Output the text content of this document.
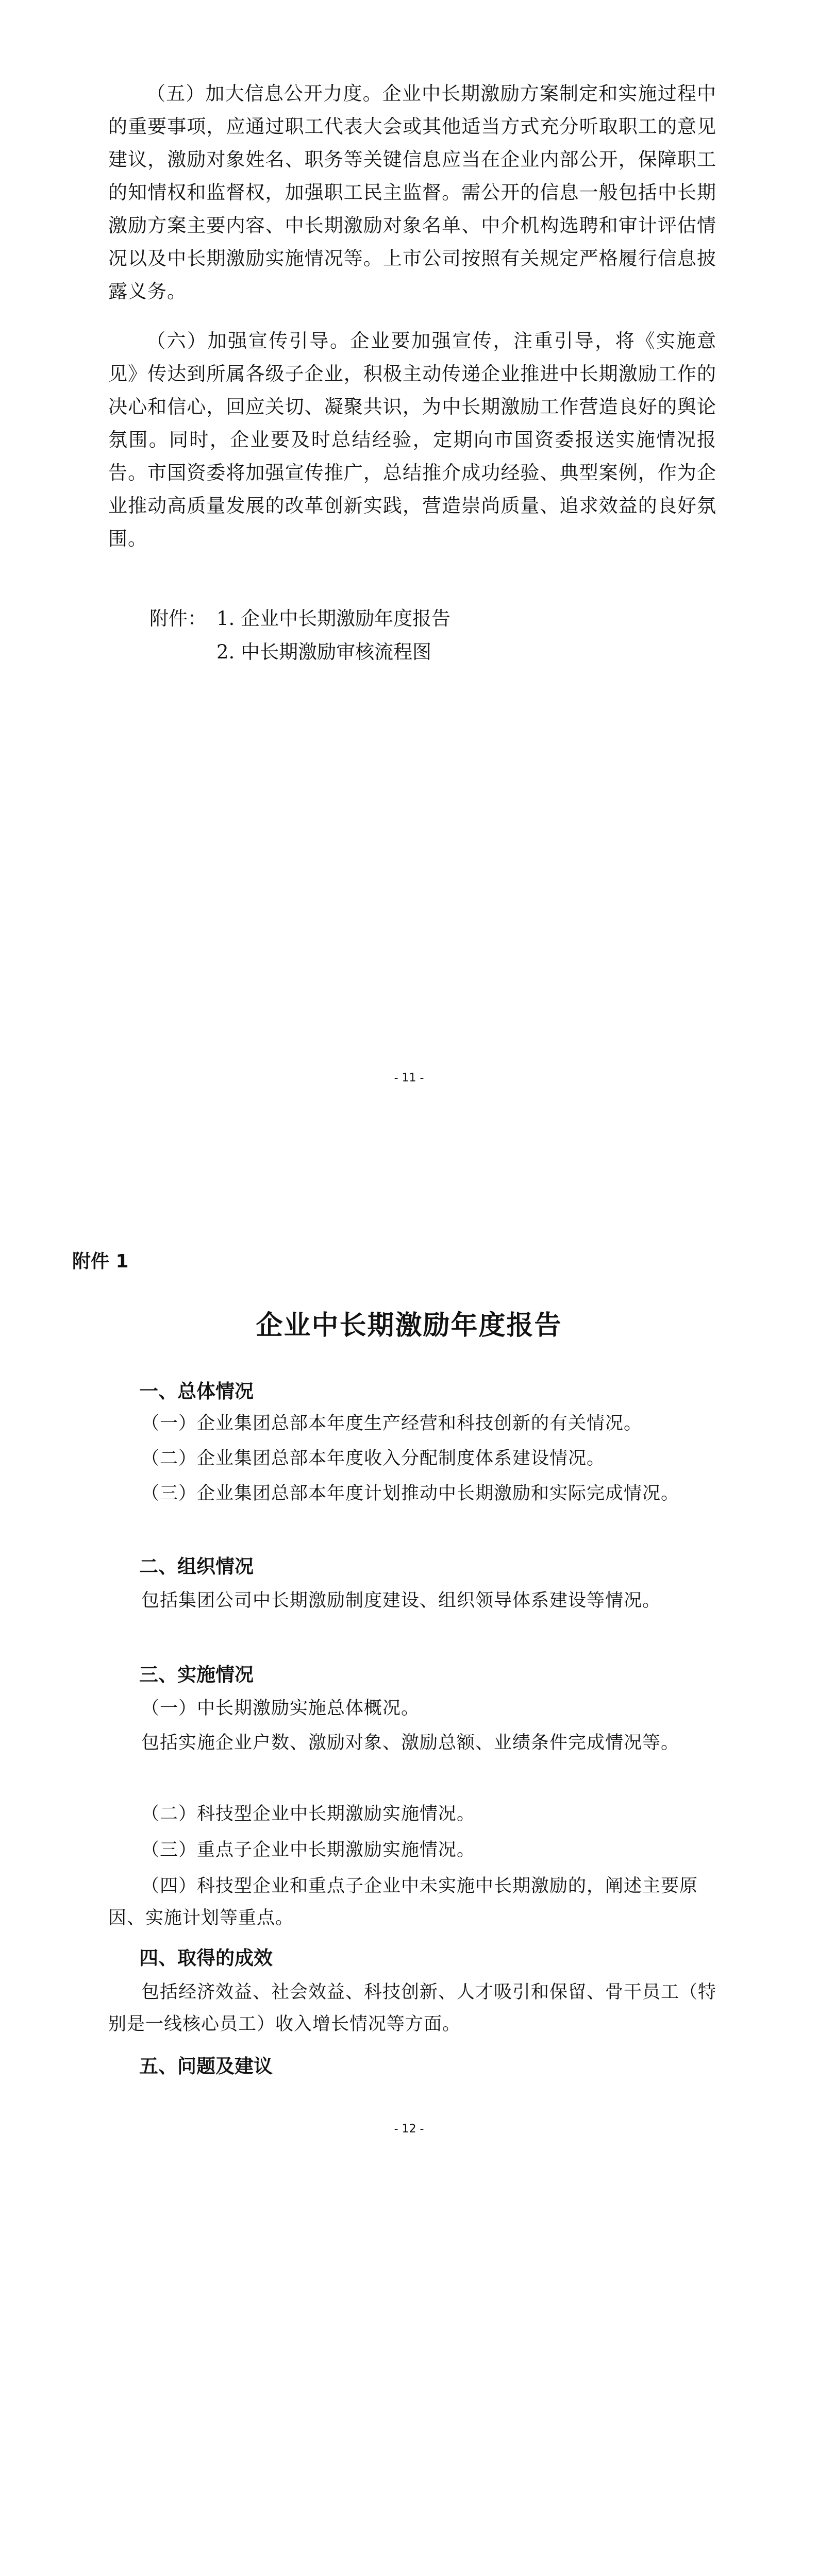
（五）加大信息公开力度。企业中长期激励方案制定和实施过程中的重要事项，应通过职工代表大会或其他适当方式充分听取职工的意见建议，激励对象姓名、职务等关键信息应当在企业内部公开，保障职工的知情权和监督权，加强职工民主监督。需公开的信息一般包括中长期激励方案主要内容、中长期激励对象名单、中介机构选聘和审计评估情况以及中长期激励实施情况等。上市公司按照有关规定严格履行信息披露义务。

（六）加强宣传引导。企业要加强宣传，注重引导，将《实施意见》传达到所属各级子企业，积极主动传递企业推进中长期激励工作的决心和信心，回应关切、凝聚共识，为中长期激励工作营造良好的舆论氛围。同时，企业要及时总结经验，定期向市国资委报送实施情况报告。市国资委将加强宣传推广，总结推介成功经验、典型案例，作为企业推动高质量发展的改革创新实践，营造崇尚质量、追求效益的良好氛围。

附件： 1. 企业中长期激励年度报告
2. 中长期激励审核流程图
- 11 -
附件 1
企业中长期激励年度报告
一、总体情况

（一）企业集团总部本年度生产经营和科技创新的有关情况。

（二）企业集团总部本年度收入分配制度体系建设情况。

（三）企业集团总部本年度计划推动中长期激励和实际完成情况。

二、组织情况

包括集团公司中长期激励制度建设、组织领导体系建设等情况。

三、实施情况

（一）中长期激励实施总体概况。

包括实施企业户数、激励对象、激励总额、业绩条件完成情况等。

（二）科技型企业中长期激励实施情况。

（三）重点子企业中长期激励实施情况。

（四）科技型企业和重点子企业中未实施中长期激励的，阐述主要原因、实施计划等重点。

四、取得的成效

包括经济效益、社会效益、科技创新、人才吸引和保留、骨干员工（特别是一线核心员工）收入增长情况等方面。

五、问题及建议
- 12 -
